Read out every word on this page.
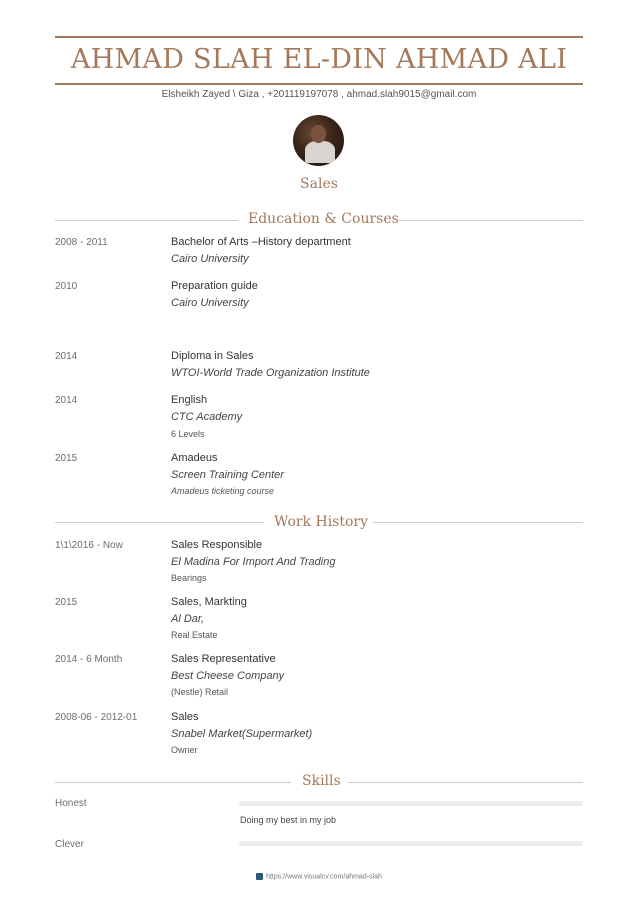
AHMAD SLAH EL-DIN AHMAD ALI
Elsheikh Zayed \ Giza , +201119197078 , ahmad.slah9015@gmail.com
Sales
Education & Courses
2008 - 2011	Bachelor of Arts –History department
Cairo University
2010	Preparation guide
Cairo University
2014	Diploma in Sales
WTOI-World Trade Organization Institute
2014	English
CTC Academy
6 Levels
2015	Amadeus
Screen Training Center
Amadeus ticketing course
Work History
1\1\2016 - Now	Sales Responsible
El Madina For Import And Trading
Bearings
2015	Sales, Markting
Al Dar,
Real Estate
2014 - 6 Month	Sales Representative
Best Cheese Company
(Nestle) Retail
2008-06 - 2012-01	Sales
Snabel Market(Supermarket)
Owner
Skills
Honest
Doing my best in my job
Clever
https://www.visualcv.com/ahmad-slah
